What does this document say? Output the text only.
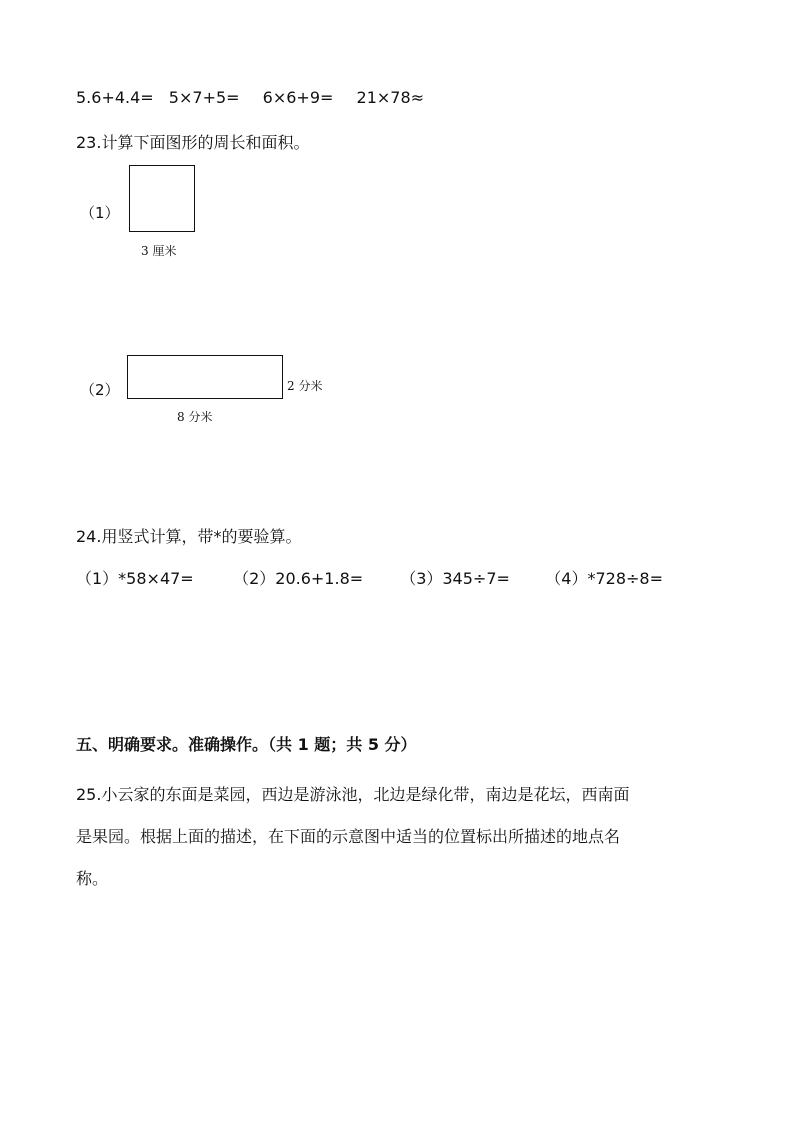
5.6+4.4= 5×7+5= 6×6+9= 21×78≈
23.计算下面图形的周长和面积。
（1）
3 厘米
（2）	2 分米
8 分米
24.用竖式计算，带*的要验算。
（1）*58×47= （2）20.6+1.8= （3）345÷7= （4）*728÷8=
五、明确要求。准确操作。（共 1 题；共 5 分）
25.小云家的东面是菜园，西边是游泳池，北边是绿化带，南边是花坛，西南面
是果园。根据上面的描述，在下面的示意图中适当的位置标出所描述的地点名
称。
